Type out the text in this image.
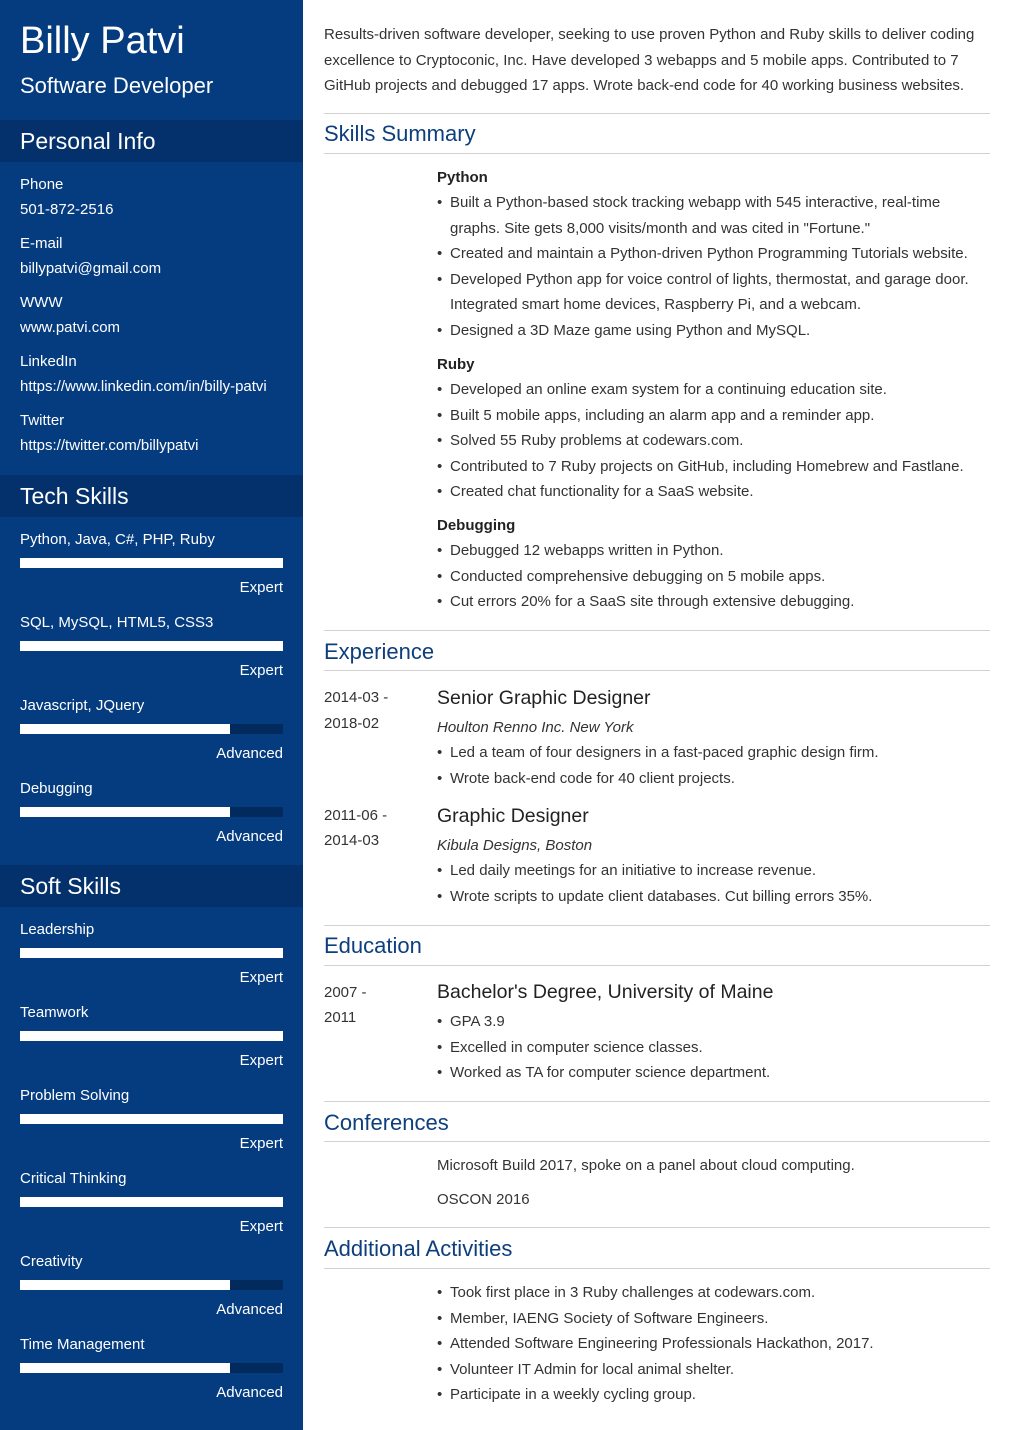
Billy Patvi
Software Developer
Personal Info
Phone
501-872-2516
E-mail
billypatvi@gmail.com
WWW
www.patvi.com
LinkedIn
https://www.linkedin.com/in/billy-patvi
Twitter
https://twitter.com/billypatvi
Tech Skills
Python, Java, C#, PHP, Ruby
Expert
SQL, MySQL, HTML5, CSS3
Expert
Javascript, JQuery
Advanced
Debugging
Advanced
Soft Skills
Leadership
Expert
Teamwork
Expert
Problem Solving
Expert
Critical Thinking
Expert
Creativity
Advanced
Time Management
Advanced
Results-driven software developer, seeking to use proven Python and Ruby skills to deliver coding excellence to Cryptoconic, Inc. Have developed 3 webapps and 5 mobile apps. Contributed to 7 GitHub projects and debugged 17 apps. Wrote back-end code for 40 working business websites.
Skills Summary
Python
• Built a Python-based stock tracking webapp with 545 interactive, real-time graphs. Site gets 8,000 visits/month and was cited in "Fortune."
• Created and maintain a Python-driven Python Programming Tutorials website.
• Developed Python app for voice control of lights, thermostat, and garage door. Integrated smart home devices, Raspberry Pi, and a webcam.
• Designed a 3D Maze game using Python and MySQL.
Ruby
• Developed an online exam system for a continuing education site.
• Built 5 mobile apps, including an alarm app and a reminder app.
• Solved 55 Ruby problems at codewars.com.
• Contributed to 7 Ruby projects on GitHub, including Homebrew and Fastlane.
• Created chat functionality for a SaaS website.
Debugging
• Debugged 12 webapps written in Python.
• Conducted comprehensive debugging on 5 mobile apps.
• Cut errors 20% for a SaaS site through extensive debugging.
Experience
2014-03 -
2018-02
Senior Graphic Designer
Houlton Renno Inc. New York
• Led a team of four designers in a fast-paced graphic design firm.
• Wrote back-end code for 40 client projects.
2011-06 -
2014-03
Graphic Designer
Kibula Designs, Boston
• Led daily meetings for an initiative to increase revenue.
• Wrote scripts to update client databases. Cut billing errors 35%.
Education
2007 -
2011
Bachelor's Degree, University of Maine
• GPA 3.9
• Excelled in computer science classes.
• Worked as TA for computer science department.
Conferences
Microsoft Build 2017, spoke on a panel about cloud computing.
OSCON 2016
Additional Activities
• Took first place in 3 Ruby challenges at codewars.com.
• Member, IAENG Society of Software Engineers.
• Attended Software Engineering Professionals Hackathon, 2017.
• Volunteer IT Admin for local animal shelter.
• Participate in a weekly cycling group.
